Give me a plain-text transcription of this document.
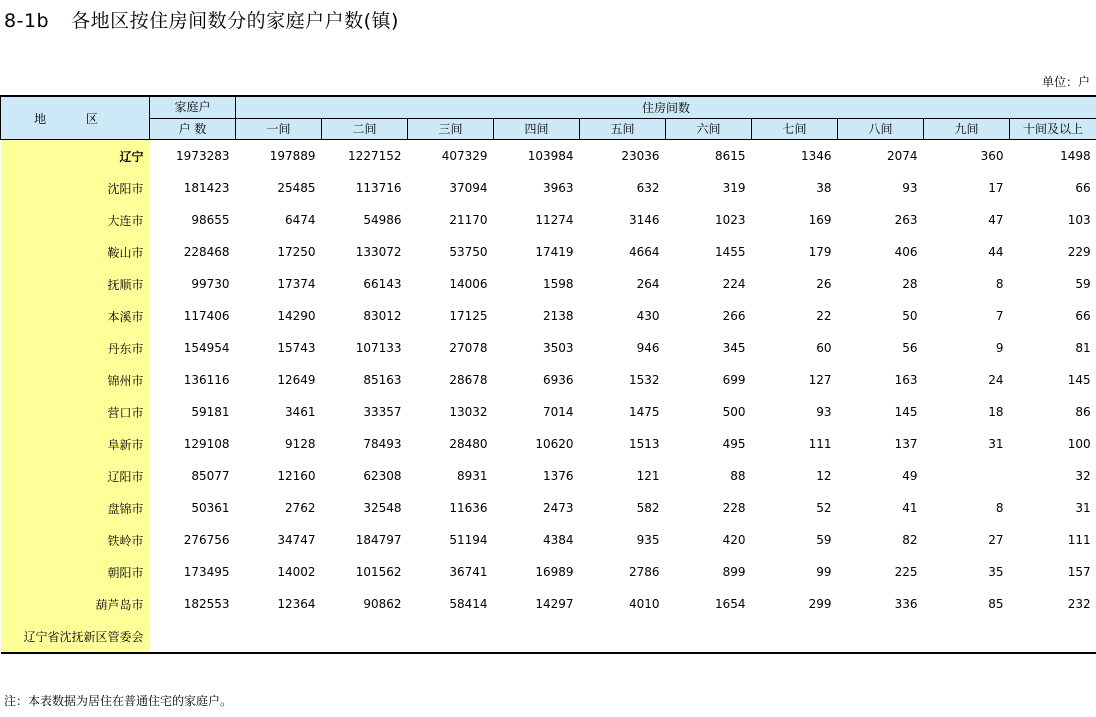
8-1b 各地区按住房间数分的家庭户户数(镇)
单位：户
地 区	家庭户	住房间数									

	户 数	一间	二间	三间	四间	五间	六间	七间	八间	九间	十间及以上
辽宁	1973283	197889	1227152	407329	103984	23036	8615	1346	2074	360	1498
沈阳市	181423	25485	113716	37094	3963	632	319	38	93	17	66
大连市	98655	6474	54986	21170	11274	3146	1023	169	263	47	103
鞍山市	228468	17250	133072	53750	17419	4664	1455	179	406	44	229
抚顺市	99730	17374	66143	14006	1598	264	224	26	28	8	59
本溪市	117406	14290	83012	17125	2138	430	266	22	50	7	66
丹东市	154954	15743	107133	27078	3503	946	345	60	56	9	81
锦州市	136116	12649	85163	28678	6936	1532	699	127	163	24	145
营口市	59181	3461	33357	13032	7014	1475	500	93	145	18	86
阜新市	129108	9128	78493	28480	10620	1513	495	111	137	31	100
辽阳市	85077	12160	62308	8931	1376	121	88	12	49		32
盘锦市	50361	2762	32548	11636	2473	582	228	52	41	8	31
铁岭市	276756	34747	184797	51194	4384	935	420	59	82	27	111
朝阳市	173495	14002	101562	36741	16989	2786	899	99	225	35	157
葫芦岛市	182553	12364	90862	58414	14297	4010	1654	299	336	85	232
辽宁省沈抚新区管委会											
注：本表数据为居住在普通住宅的家庭户。
